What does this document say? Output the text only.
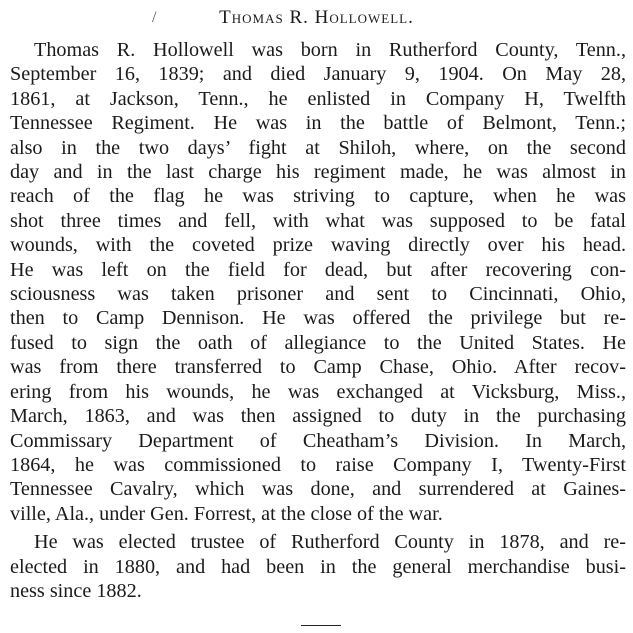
/	Thomas R. Hollowell.
Thomas R. Hollowell was born in Rutherford County, Tenn.,
September 16, 1839; and died January 9, 1904. On May 28,
1861, at Jackson, Tenn., he enlisted in Company H, Twelfth
Tennessee Regiment. He was in the battle of Belmont, Tenn.;
also in the two days’ fight at Shiloh, where, on the second
day and in the last charge his regiment made, he was almost in
reach of the flag he was striving to capture, when he was
shot three times and fell, with what was supposed to be fatal
wounds, with the coveted prize waving directly over his head.
He was left on the field for dead, but after recovering con-
sciousness was taken prisoner and sent to Cincinnati, Ohio,
then to Camp Dennison. He was offered the privilege but re-
fused to sign the oath of allegiance to the United States. He
was from there transferred to Camp Chase, Ohio. After recov-
ering from his wounds, he was exchanged at Vicksburg, Miss.,
March, 1863, and was then assigned to duty in the purchasing
Commissary Department of Cheatham’s Division. In March,
1864, he was commissioned to raise Company I, Twenty-First
Tennessee Cavalry, which was done, and surrendered at Gaines-
ville, Ala., under Gen. Forrest, at the close of the war.
He was elected trustee of Rutherford County in 1878, and re-
elected in 1880, and had been in the general merchandise busi-
ness since 1882.
